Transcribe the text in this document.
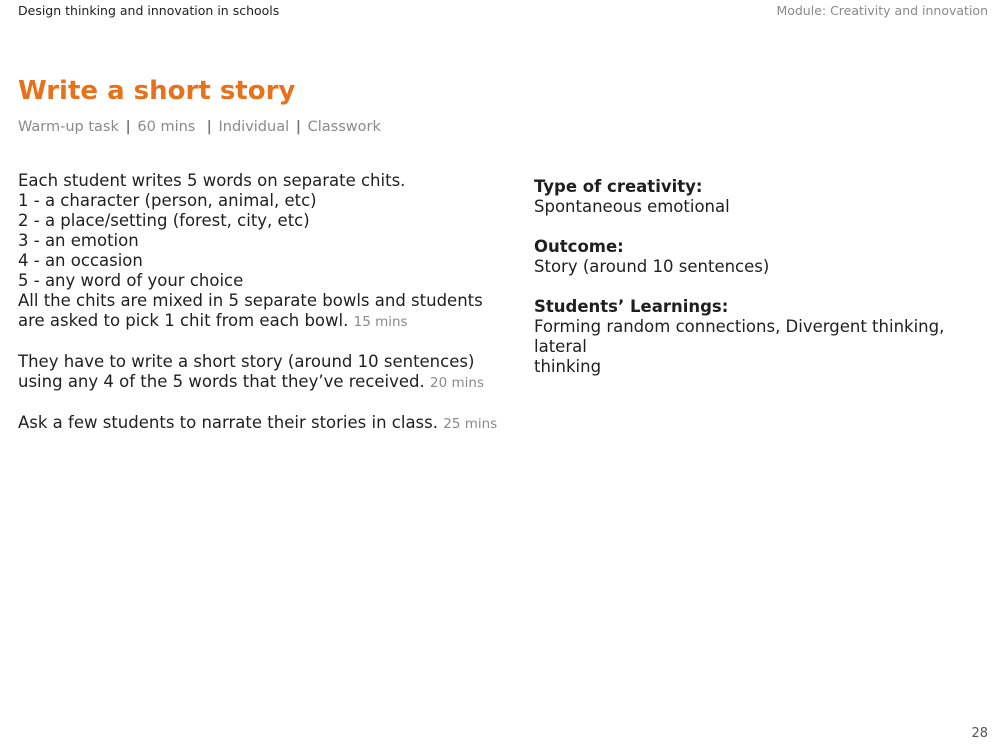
Design thinking and innovation in schools	Module: Creativity and innovation
Write a short story
Warm-up task | 60 mins | Individual | Classwork
Each student writes 5 words on separate chits.
1 - a character (person, animal, etc)
2 - a place/setting (forest, city, etc)
3 - an emotion
4 - an occasion
5 - any word of your choice
All the chits are mixed in 5 separate bowls and students
are asked to pick 1 chit from each bowl. 15 mins
They have to write a short story (around 10 sentences)
using any 4 of the 5 words that they’ve received. 20 mins
Ask a few students to narrate their stories in class. 25 mins
Type of creativity:
Spontaneous emotional
Outcome:
Story (around 10 sentences)
Students’ Learnings:
Forming random connections, Divergent thinking, lateral
thinking
28
